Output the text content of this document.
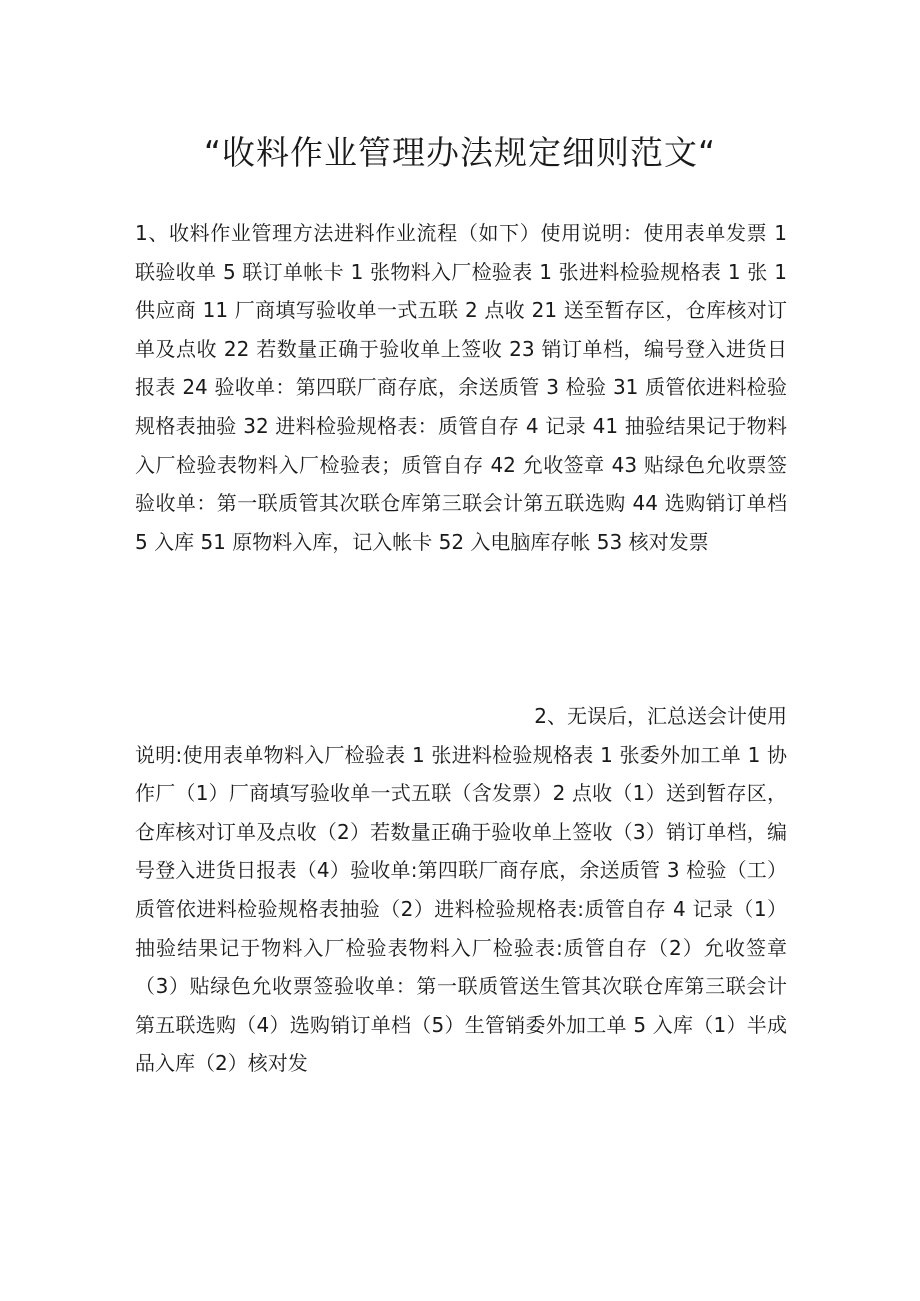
“收料作业管理办法规定细则范文“

1、收料作业管理方法进料作业流程（如下）使用说明：使用表单发票 1 联验收单 5 联订单帐卡 1 张物料入厂检验表 1 张进料检验规格表 1 张 1 供应商 11 厂商填写验收单一式五联 2 点收 21 送至暂存区，仓库核对订单及点收 22 若数量正确于验收单上签收 23 销订单档，编号登入进货日报表 24 验收单：第四联厂商存底，余送质管 3 检验 31 质管依进料检验规格表抽验 32 进料检验规格表：质管自存 4 记录 41 抽验结果记于物料入厂检验表物料入厂检验表；质管自存 42 允收签章 43 贴绿色允收票签验收单：第一联质管其次联仓库第三联会计第五联选购 44 选购销订单档 5 入库 51 原物料入库，记入帐卡 52 入电脑库存帐 53 核对发票

2、无误后，汇总送会计使用
说明:使用表单物料入厂检验表 1 张进料检验规格表 1 张委外加工单 1 协作厂（1）厂商填写验收单一式五联（含发票）2 点收（1）送到暂存区，仓库核对订单及点收（2）若数量正确于验收单上签收（3）销订单档，编号登入进货日报表（4）验收单:第四联厂商存底，余送质管 3 检验（工）质管依进料检验规格表抽验（2）进料检验规格表:质管自存 4 记录（1）抽验结果记于物料入厂检验表物料入厂检验表:质管自存（2）允收签章（3）贴绿色允收票签验收单：第一联质管送生管其次联仓库第三联会计第五联选购（4）选购销订单档（5）生管销委外加工单 5 入库（1）半成品入库（2）核对发
